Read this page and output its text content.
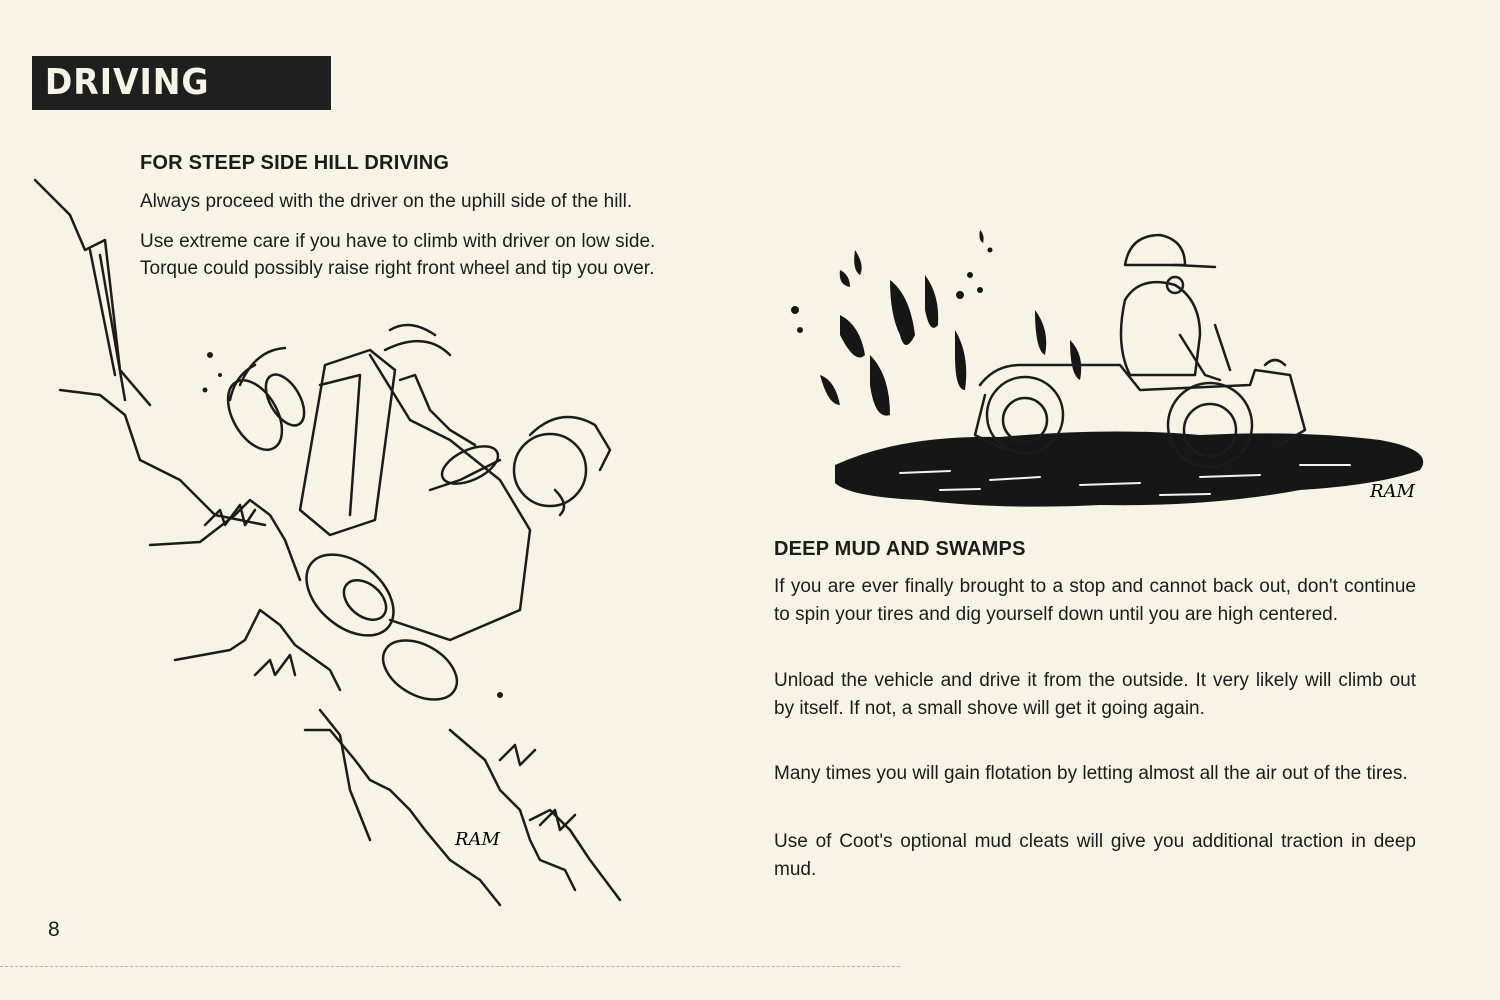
DRIVING HINTS'
FOR STEEP SIDE HILL DRIVING

Always proceed with the driver on the uphill side of the hill.

Use extreme care if you have to climb with driver on low side.

Torque could possibly raise right front wheel and tip you over.

RAM
RAM
DEEP MUD AND SWAMPS

If you are ever finally brought to a stop and cannot back out, don't continue to spin your tires and dig yourself down until you are high centered.

Unload the vehicle and drive it from the outside. It very likely will climb out by itself. If not, a small shove will get it going again.

Many times you will gain flotation by letting almost all the air out of the tires.

Use of Coot's optional mud cleats will give you additional traction in deep mud.

8
